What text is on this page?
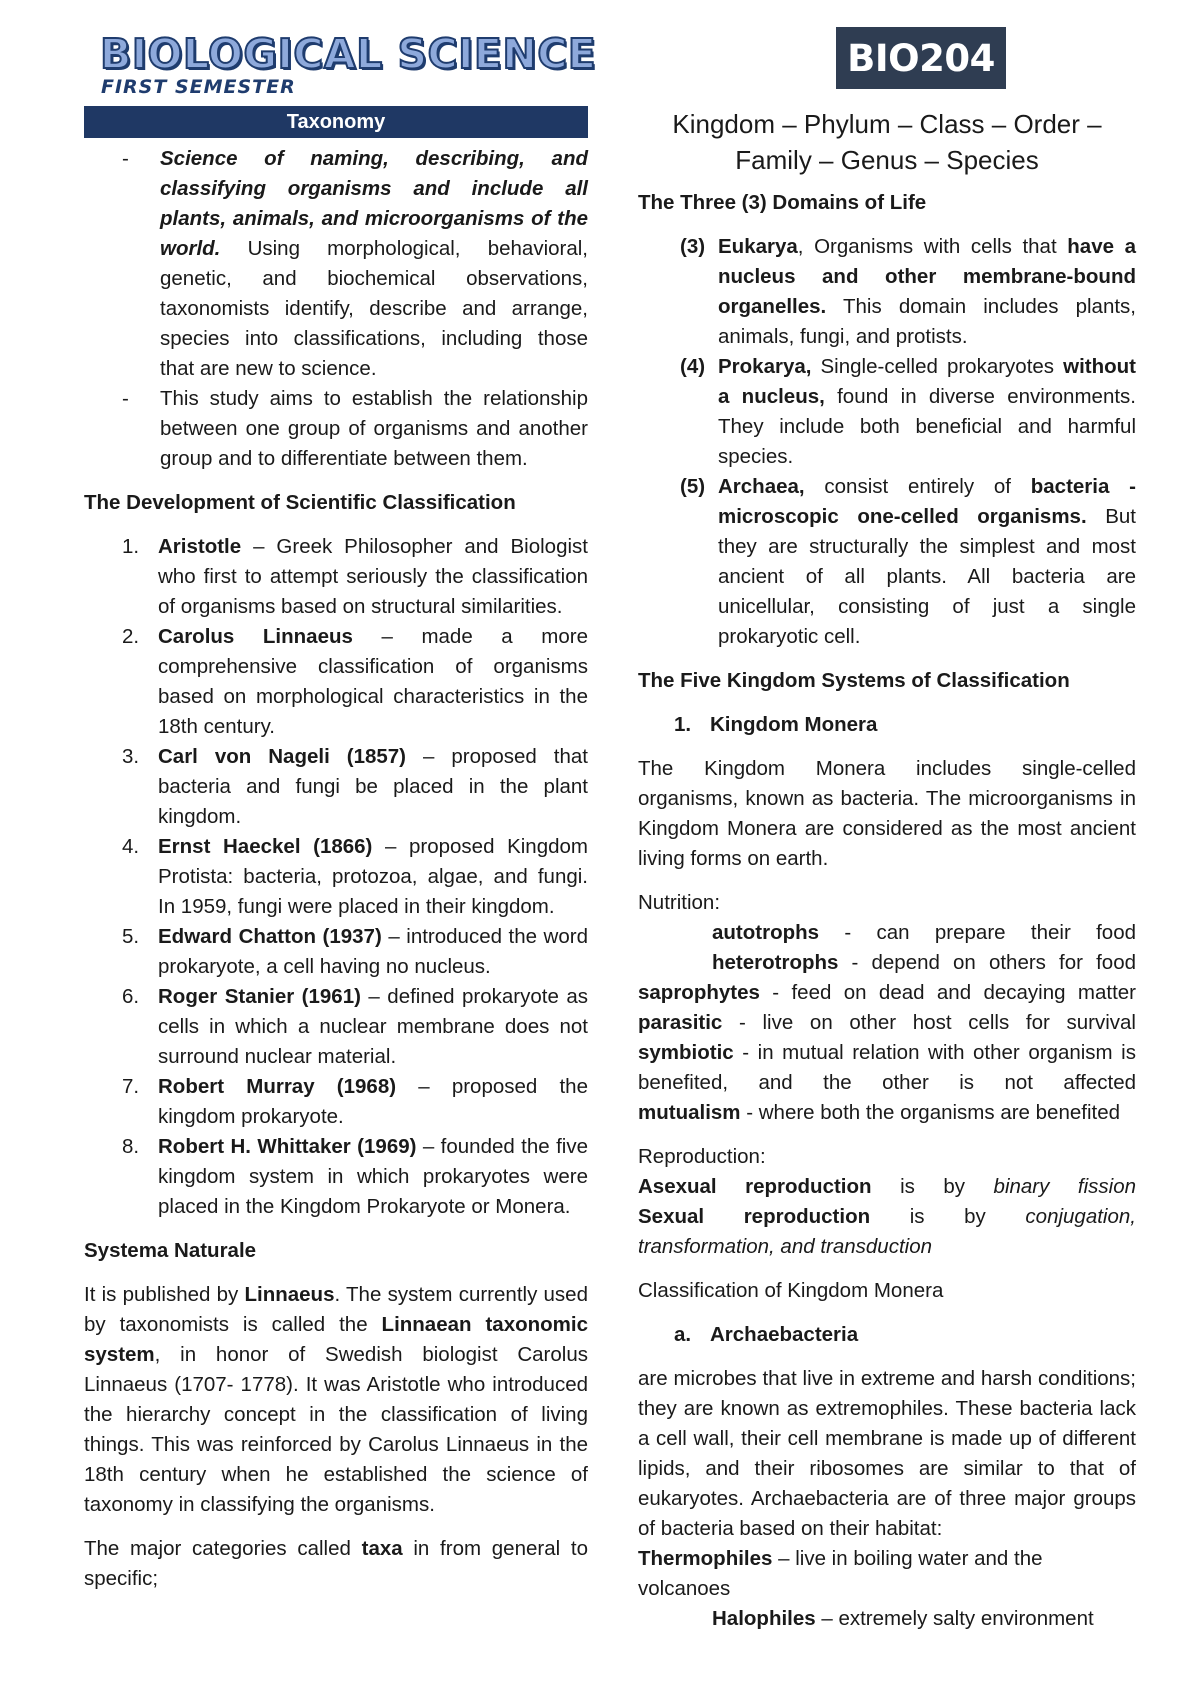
BIOLOGICAL SCIENCE
FIRST SEMESTER
BIO204
Taxonomy
- Science of naming, describing, and classifying organisms and include all plants, animals, and microorganisms of the world. Using morphological, behavioral, genetic, and biochemical observations, taxonomists identify, describe and arrange, species into classifications, including those that are new to science.
- This study aims to establish the relationship between one group of organisms and another group and to differentiate between them.
The Development of Scientific Classification
1. Aristotle – Greek Philosopher and Biologist who first to attempt seriously the classification of organisms based on structural similarities.
2. Carolus Linnaeus – made a more comprehensive classification of organisms based on morphological characteristics in the 18th century.
3. Carl von Nageli (1857) – proposed that bacteria and fungi be placed in the plant kingdom.
4. Ernst Haeckel (1866) – proposed Kingdom Protista: bacteria, protozoa, algae, and fungi. In 1959, fungi were placed in their kingdom.
5. Edward Chatton (1937) – introduced the word prokaryote, a cell having no nucleus.
6. Roger Stanier (1961) – defined prokaryote as cells in which a nuclear membrane does not surround nuclear material.
7. Robert Murray (1968) – proposed the kingdom prokaryote.
8. Robert H. Whittaker (1969) – founded the five kingdom system in which prokaryotes were placed in the Kingdom Prokaryote or Monera.
Systema Naturale

It is published by Linnaeus. The system currently used by taxonomists is called the Linnaean taxonomic system, in honor of Swedish biologist Carolus Linnaeus (1707- 1778). It was Aristotle who introduced the hierarchy concept in the classification of living things. This was reinforced by Carolus Linnaeus in the 18th century when he established the science of taxonomy in classifying the organisms.

The major categories called taxa in from general to specific;

Kingdom – Phylum – Class – Order – Family – Genus – Species
The Three (3) Domains of Life
(3) Eukarya, Organisms with cells that have a nucleus and other membrane-bound organelles. This domain includes plants, animals, fungi, and protists.
(4) Prokarya, Single-celled prokaryotes without a nucleus, found in diverse environments. They include both beneficial and harmful species.
(5) Archaea, consist entirely of bacteria - microscopic one-celled organisms. But they are structurally the simplest and most ancient of all plants. All bacteria are unicellular, consisting of just a single prokaryotic cell.
The Five Kingdom Systems of Classification
1. Kingdom Monera

The Kingdom Monera includes single-celled organisms, known as bacteria. The microorganisms in Kingdom Monera are considered as the most ancient living forms on earth.

Nutrition:

autotrophs - can prepare their food

heterotrophs - depend on others for food

saprophytes - feed on dead and decaying matter

parasitic - live on other host cells for survival

symbiotic - in mutual relation with other organism is benefited, and the other is not affected

mutualism - where both the organisms are benefited

Reproduction:

Asexual reproduction is by binary fission

Sexual reproduction is by conjugation, transformation, and transduction

Classification of Kingdom Monera

a. Archaebacteria

are microbes that live in extreme and harsh conditions; they are known as extremophiles. These bacteria lack a cell wall, their cell membrane is made up of different lipids, and their ribosomes are similar to that of eukaryotes. Archaebacteria are of three major groups of bacteria based on their habitat:

Thermophiles – live in boiling water and the volcanoes

Halophiles – extremely salty environment
